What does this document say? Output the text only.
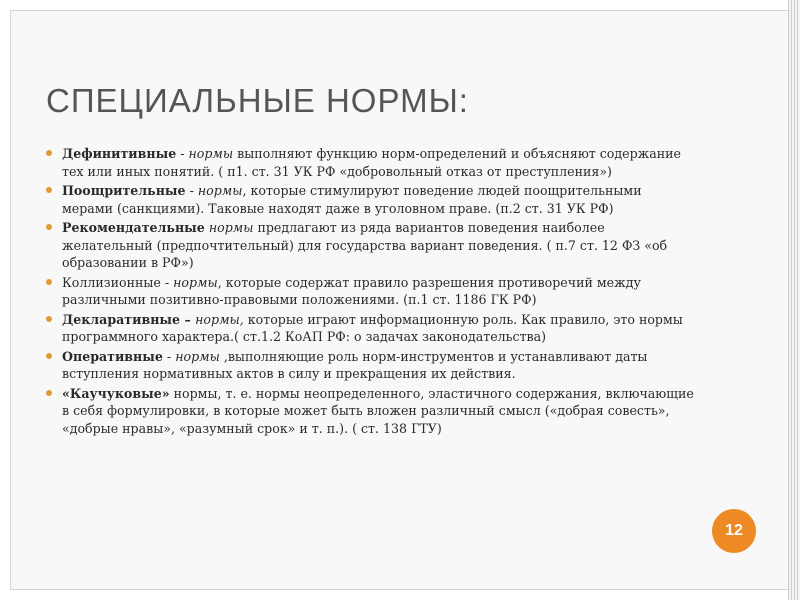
СПЕЦИАЛЬНЫЕ НОРМЫ:
Дефинитивные - нормы выполняют функцию норм-определений и объясняют содержание тех или иных понятий. ( п1. ст. 31 УК РФ «добровольный отказ от преступления»)
Поощрительные - нормы, которые стимулируют поведение людей поощрительными мерами (санкциями). Таковые находят даже в уголовном праве. (п.2 ст. 31 УК РФ)
Рекомендательные нормы предлагают из ряда вариантов поведения наиболее желательный (предпочтительный) для государства вариант поведения. ( п.7 ст. 12 ФЗ «об образовании в РФ»)
Коллизионные - нормы, которые содержат правило разрешения противоречий между различными позитивно-правовыми положениями. (п.1 ст. 1186 ГК РФ)
Декларативные – нормы, которые играют информационную роль. Как правило, это нормы программного характера.( ст.1.2 КоАП РФ: о задачах законодательства)
Оперативные - нормы ,выполняющие роль норм-инструментов и устанавливают даты вступления нормативных актов в силу и прекращения их действия.
«Каучуковые» нормы, т. е. нормы неопределенного, эластичного содержания, включающие в себя формулировки, в которые может быть вложен различный смысл («добрая совесть», «добрые нравы», «разумный срок» и т. п.). ( ст. 138 ГТУ)
12
